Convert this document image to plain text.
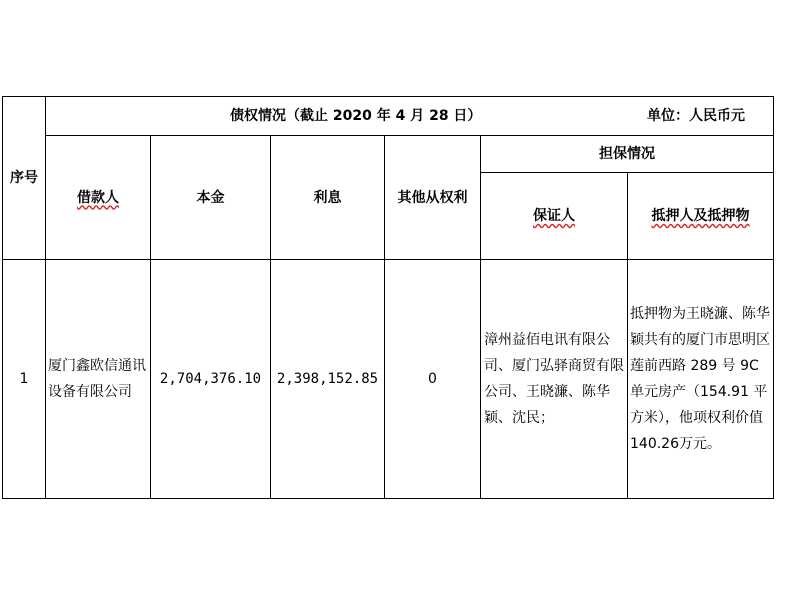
序号	债权情况（截止 2020 年 4 月 28 日） 单位：人民币元					

	借款人	本金	利息	其他从权利	担保情况	
					保证人	抵押人及抵押物
1	厦门鑫欧信通讯设备有限公司	2,704,376.10	2,398,152.85	0	漳州益佰电讯有限公司、厦门弘驿商贸有限公司、王晓濂、陈华颖、沈民；	抵押物为王晓濂、陈华颖共有的厦门市思明区莲前西路 289 号 9C 单元房产（154.91 平方米），他项权利价值 140.26万元。
